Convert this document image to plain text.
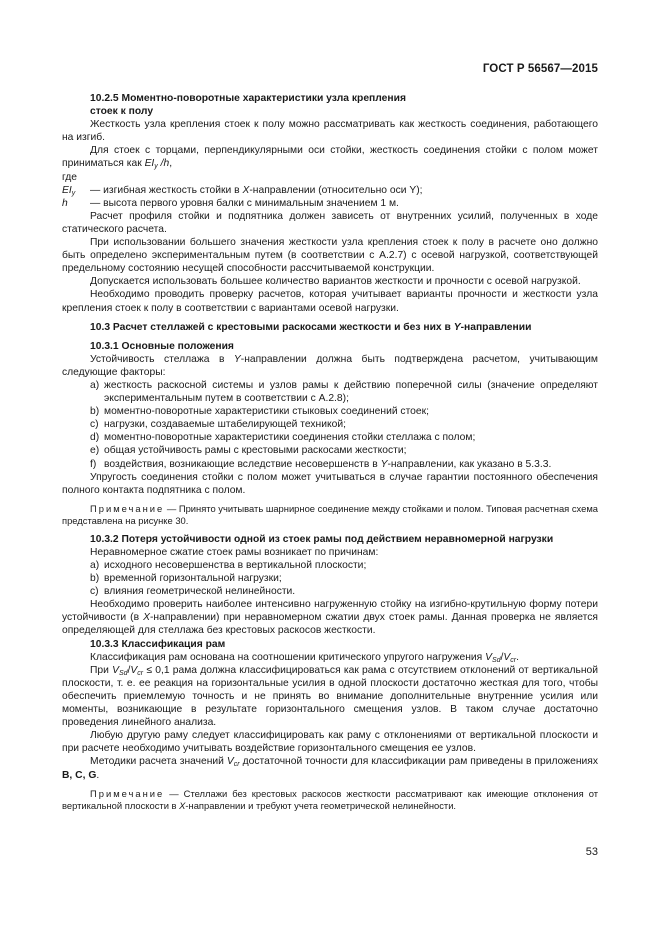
ГОСТ Р 56567—2015

10.2.5 Моментно-поворотные характеристики узла крепления

стоек к полу

Жесткость узла крепления стоек к полу можно рассматривать как жесткость соединения, работающего на изгиб.

Для стоек с торцами, перпендикулярными оси стойки, жесткость соединения стойки с полом может приниматься как $EI_y$ /h,

где

$EI_y$	— изгибная жесткость стойки в X-направлении (относительно оси Y);
h	— высота первого уровня балки с минимальным значением 1 м.

Расчет профиля стойки и подпятника должен зависеть от внутренних усилий, полученных в ходе статического расчета.

При использовании большего значения жесткости узла крепления стоек к полу в расчете оно должно быть определено экспериментальным путем (в соответствии с А.2.7) с осевой нагрузкой, соответствующей предельному состоянию несущей способности рассчитываемой конструкции.

Допускается использовать большее количество вариантов жесткости и прочности с осевой нагрузкой.

Необходимо проводить проверку расчетов, которая учитывает варианты прочности и жесткости узла крепления стоек к полу в соответствии с вариантами осевой нагрузки.

10.3 Расчет стеллажей с крестовыми раскосами жесткости и без них в Y-направлении

10.3.1 Основные положения

Устойчивость стеллажа в Y-направлении должна быть подтверждена расчетом, учитывающим следующие факторы:

a) жесткость раскосной системы и узлов рамы к действию поперечной силы (значение определяют экспериментальным путем в соответствии с А.2.8);
b) моментно-поворотные характеристики стыковых соединений стоек;
c) нагрузки, создаваемые штабелирующей техникой;
d) моментно-поворотные характеристики соединения стойки стеллажа с полом;
e) общая устойчивость рамы с крестовыми раскосами жесткости;
f) воздействия, возникающие вследствие несовершенств в Y-направлении, как указано в 5.3.3.

Упругость соединения стойки с полом может учитываться в случае гарантии постоянного обеспечения полного контакта подпятника с полом.

Примечание — Принято учитывать шарнирное соединение между стойками и полом. Типовая расчетная схема представлена на рисунке 30.

10.3.2 Потеря устойчивости одной из стоек рамы под действием неравномерной нагрузки

Неравномерное сжатие стоек рамы возникает по причинам:

a) исходного несовершенства в вертикальной плоскости;
b) временной горизонтальной нагрузки;
c) влияния геометрической нелинейности.

Необходимо проверить наиболее интенсивно нагруженную стойку на изгибно-крутильную форму потери устойчивости (в X-направлении) при неравномерном сжатии двух стоек рамы. Данная проверка не является определяющей для стеллажа без крестовых раскосов жесткости.

10.3.3 Классификация рам

Классификация рам основана на соотношении критического упругого нагружения $V_{Sd}/V_{cr}$.

При $V_{Sd}/V_{cr} \le 0,1$ рама должна классифицироваться как рама с отсутствием отклонений от вертикальной плоскости, т. е. ее реакция на горизонтальные усилия в одной плоскости достаточно жесткая для того, чтобы обеспечить приемлемую точность и не принять во внимание дополнительные внутренние усилия или моменты, возникающие в результате горизонтального смещения узлов. В таком случае достаточно проведения линейного анализа.

Любую другую раму следует классифицировать как раму с отклонениями от вертикальной плоскости и при расчете необходимо учитывать воздействие горизонтального смещения ее узлов.

Методики расчета значений $V_{cr}$ достаточной точности для классификации рам приведены в приложениях B, C, G.

Примечание — Стеллажи без крестовых раскосов жесткости рассматривают как имеющие отклонения от вертикальной плоскости в X-направлении и требуют учета геометрической нелинейности.

53
